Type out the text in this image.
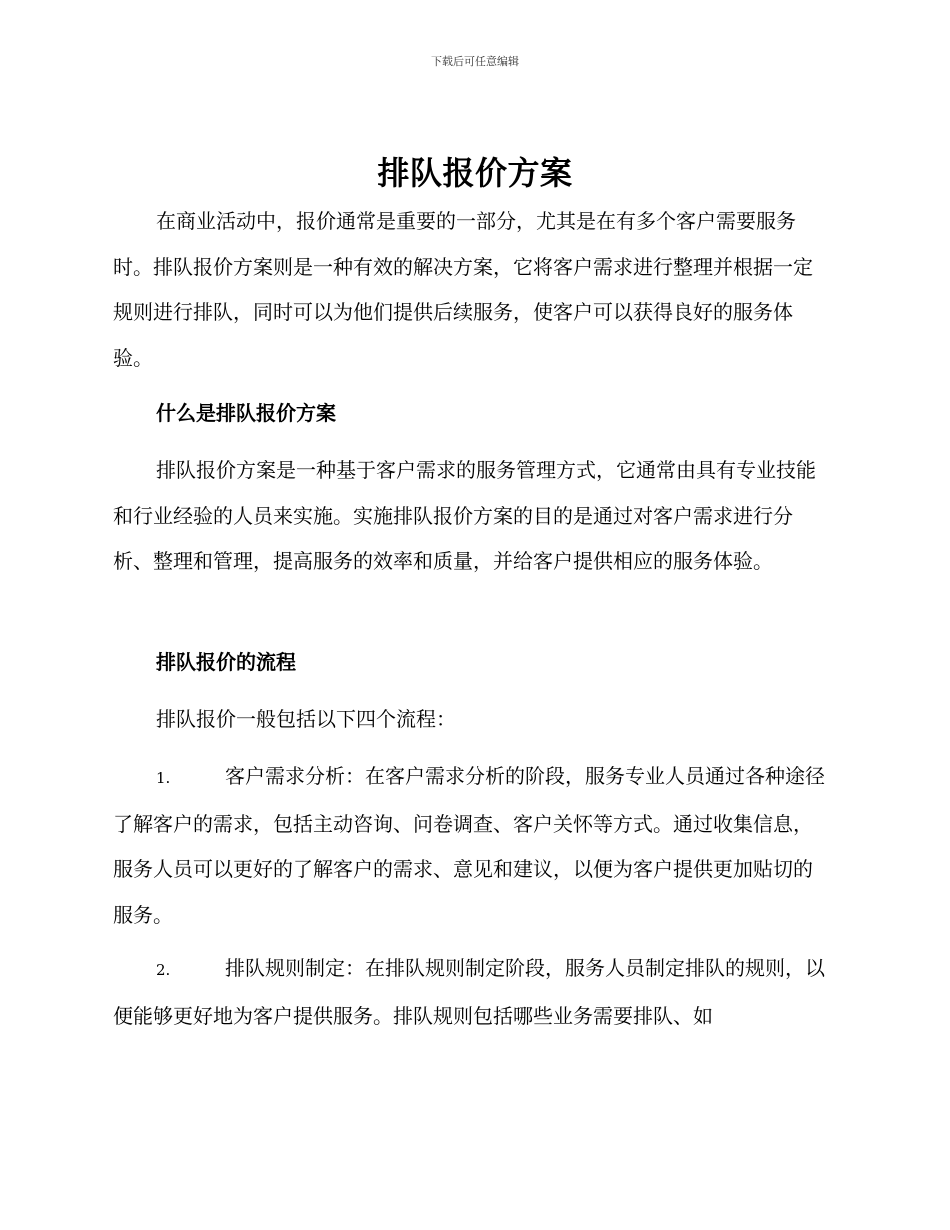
下载后可任意编辑
排队报价方案

在商业活动中，报价通常是重要的一部分，尤其是在有多个客户需要服务时。排队报价方案则是一种有效的解决方案，它将客户需求进行整理并根据一定规则进行排队，同时可以为他们提供后续服务，使客户可以获得良好的服务体验。

什么是排队报价方案

排队报价方案是一种基于客户需求的服务管理方式，它通常由具有专业技能和行业经验的人员来实施。实施排队报价方案的目的是通过对客户需求进行分析、整理和管理，提高服务的效率和质量，并给客户提供相应的服务体验。

排队报价的流程

排队报价一般包括以下四个流程：

1.	客户需求分析：在客户需求分析的阶段，服务专业人员通过各种途径了解客户的需求，包括主动咨询、问卷调查、客户关怀等方式。通过收集信息，服务人员可以更好的了解客户的需求、意见和建议，以便为客户提供更加贴切的服务。

2.	排队规则制定：在排队规则制定阶段，服务人员制定排队的规则，以便能够更好地为客户提供服务。排队规则包括哪些业务需要排队、如
